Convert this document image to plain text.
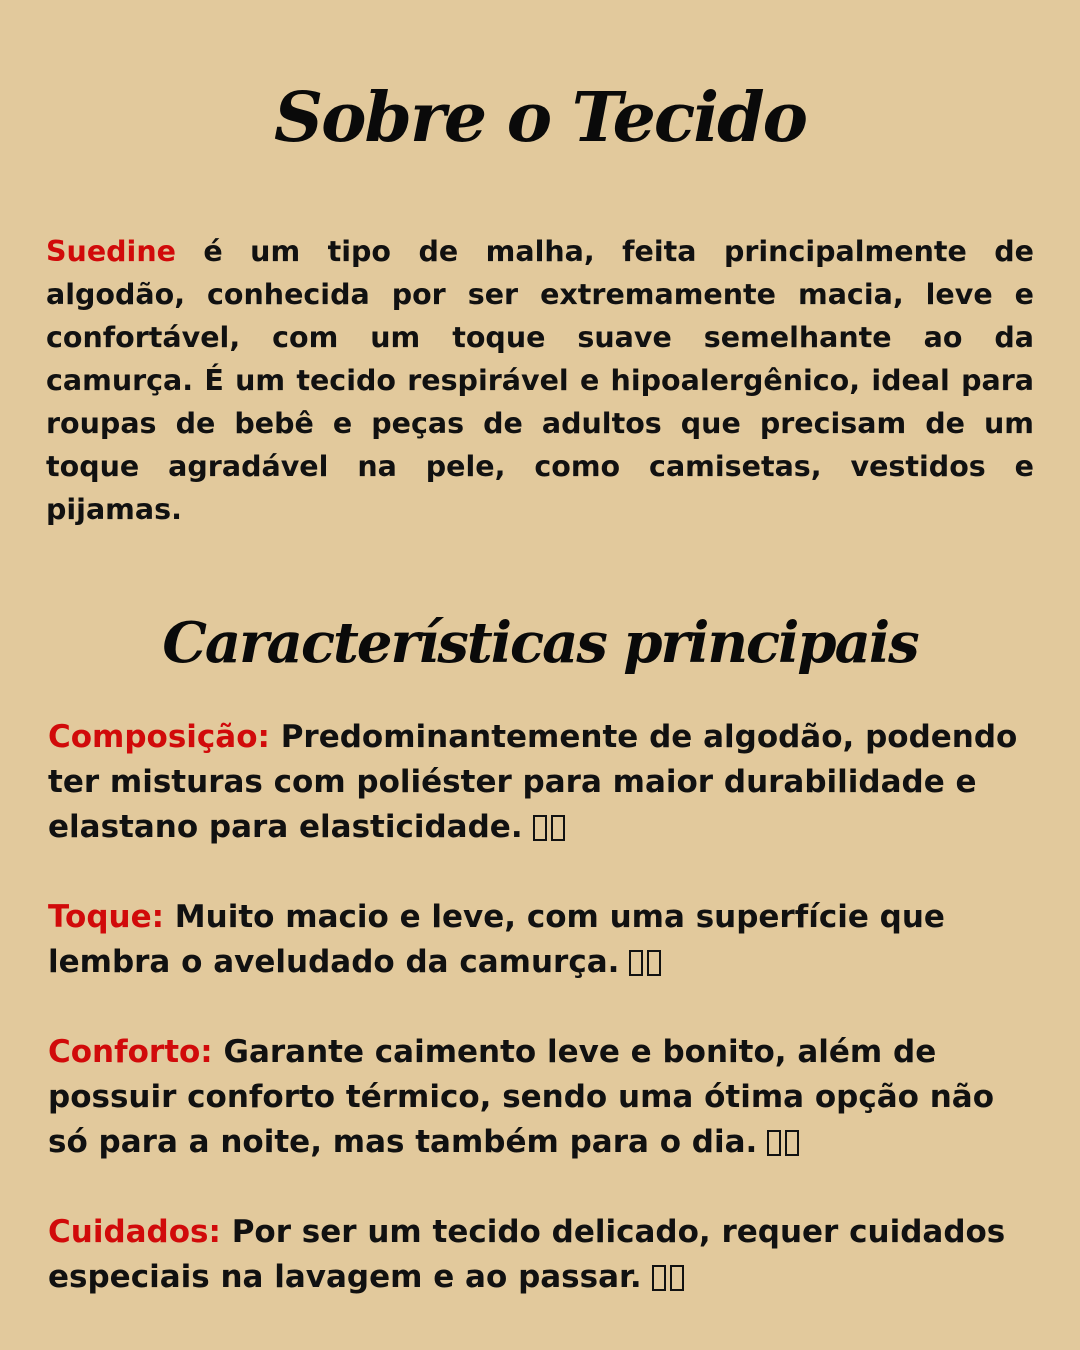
Sobre o Tecido

Suedine é um tipo de malha, feita principalmente de algodão, conhecida por ser extremamente macia, leve e confortável, com um toque suave semelhante ao da camurça. É um tecido respirável e hipoalergênico, ideal para roupas de bebê e peças de adultos que precisam de um toque agradável na pele, como camisetas, vestidos e pijamas.

Características principais

Composição: Predominantemente de algodão, podendo ter misturas com poliéster para maior durabilidade e elastano para elasticidade.

Toque: Muito macio e leve, com uma superfície que lembra o aveludado da camurça.

Conforto: Garante caimento leve e bonito, além de possuir conforto térmico, sendo uma ótima opção não só para a noite, mas também para o dia.

Cuidados: Por ser um tecido delicado, requer cuidados especiais na lavagem e ao passar.
